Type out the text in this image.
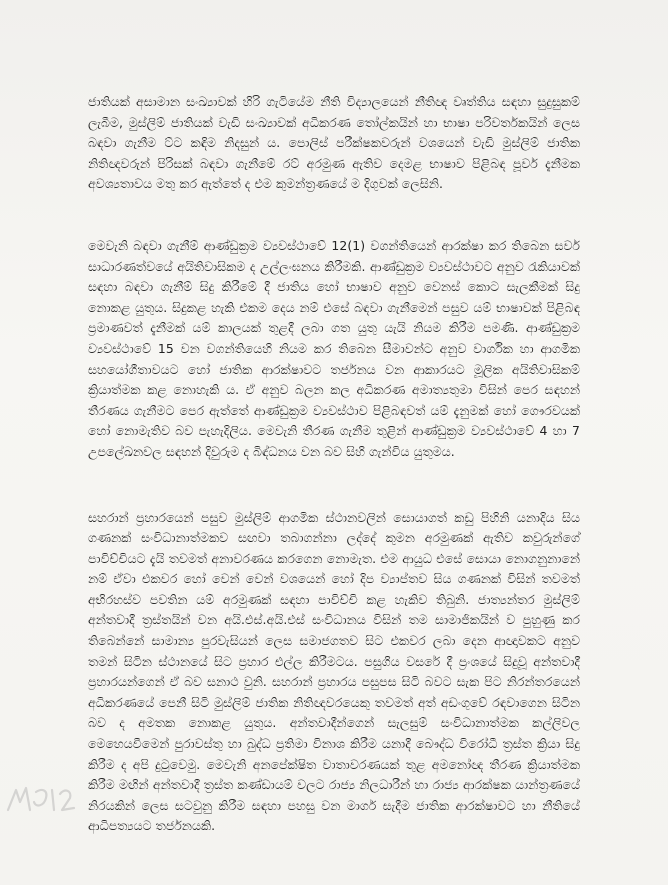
ජාතියක් අසාමාන සංඛ්‍යාවක් හිරි ගැටියේම නීති විද්‍යාලයෙන් නීතිඥ වෘත්තිය සඳහා සුදුසුකම් ලැබීම, මුස්ලිම් ජාතියක් වැඩි සංඛ්‍යාවක් අධිකරණ තෝල්කයින් හා භාෂා පරිවර්තකයින් ලෙස බඳවා ගැනීම ට්ට කඳිම නිදසුන් ය. පොලිස් පරීක්ෂකවරුන් වශයෙන් වැඩි මුස්ලිම් ජාතික නිතිඥවරුන් පිරිසක් බඳවා ගැනීමේ රට් අරමුණ ඇතිව දෙමළ භාෂාව පිළිබඳ පූර්ව දැනීමක අවශ්‍යතාවය මතු කර ඇත්තේ ද එම කුමන්ත්‍රණයේ ම දිගුවක් ලෙසිනි.

මෙවැනි බඳවා ගැනීම් ආණ්ඩුක්‍රම ව්‍යවස්ථාවේ 12(1) වගන්තියෙන් ආරක්ෂා කර තිබෙන සර්ව සාධාරණත්වයේ අයිතිවාසිකම ද උල්ලංඝනය කිරීමකි. ආණ්ඩුක්‍රම ව්‍යවස්ථාවට අනුව රැකියාවක් සඳහා බඳවා ගැනීම් සිදු කිරීමේ දී ජාතිය හෝ භාෂාව අනුව වෙනස් කොට සැලකීමක් සිදු නොකළ යුතුය. සිදුකළ හැකි එකම දෙය නම් එසේ බඳවා ගැනීමෙන් පසුව යම් භාෂාවක් පිළිබඳ ප්‍රමාණවත් දැනීමක් යම් කාලයක් තුළදී ලබා ගත යුතු යැයි නියම කිරීම පමණි. ආණ්ඩුක්‍රම ව්‍යවස්ථාවේ 15 වන වගන්තියෙහි නියම කර තිබෙන සීමාවන්ට අනුව වාර්ගික හා ආගමික සහයෝගීතාවයට හෝ ජාතික ආරක්ෂාවට තර්ජනය වන ආකාරයට මූලික අයිතිවාසිකම් ක්‍රියාත්මක කළ නොහැකි ය. ඒ අනුව බලන කල අධිකරණ අමාත්‍යතුමා විසින් පෙර සඳහන් තීරණය ගැනීමට පෙර ඇත්තේ ආණ්ඩුක්‍රම ව්‍යවස්ථාව පිළිබඳවත් යම් දැනුමක් හෝ ගෞරවයක් හෝ නොමැතිව බව පැහැදිලිය. මෙවැනි තීරණ ගැනීම තුළින් ආණ්ඩුක්‍රම ව්‍යවස්ථාවේ 4 හා 7 උපලේඛනවල සඳහන් දිවුරුම ද බිඳ්ධනය වන බව සිහි ගැන්විය යුතුමය.

සහරාන් ප්‍රහාරයෙන් පසුව මුස්ලිම් ආගමික ස්ථානවලින් සොයාගත් කඩු පිහිනි යනාදිය සිය ගණනක් සංවිධානාත්මකව සඟවා තබාගන්නා ලද්දේ කුමන අරමුණක් ඇතිව කවුරුන්ගේ පාවිච්චියට දැයි තවමත් අනාවරණය කරගෙන නොමැත. එම ආයුධ එසේ සොයා නොගනුනානේ නම් ඒවා එකවර හෝ වෙන් වෙන් වශයෙන් හෝ දිප ව්‍යාප්තව සිය ගණනක් විසින් තවමත් අභිරහස්ව පවතින යම් අරමුණක් සඳහා පාවිච්චි කළ හැකිව තිබුනි. ජාත්‍යන්තර මුස්ලිම් අන්තවාදී ත්‍රස්තයින් වන අයි.එස්.අයි.එස් සංවිධානය විසින් තම සාමාජිකයින් ව පුහුණු කර තිබෙන්නේ සාමාන්‍ය පුරවැසියන් ලෙස සමාජගතව සිට එකවර ලබා දෙන ආඥාවකට අනුව තමන් සිටින ස්ථානයේ සිට ප්‍රහාර එල්ල කිරීමටය. පසුගිය වසරේ දී ප්‍රංශයේ සිදුවූ අන්තවාදී ප්‍රහාරයන්ගෙන් ඒ බව සනාථ වුනි. සහරාන් ප්‍රහාරය පසුපස සිටි බවට සැක පිට නිරන්තරයෙන් අධිකරණයේ පෙනී සිටි මුස්ලිම් ජාතික නිතිඥවරයෙකු තවමත් අත් අඩංගුවේ රඳවාගෙන සිටින බව ද අමතක නොකළ යුතුය. අන්තවාදීන්ගෙන් සැලසුම් සංවිධානාත්මක කල්ලිවල මෙහෙයවීමෙන් පුරාවස්තු හා බුද්ධ ප්‍රතිමා විනාශ කිරීම යනාදී බෞද්ධ විරෝධී ත්‍රස්ත ක්‍රියා සිදු කිරීම ද අපි දුටුවෙමු. මෙවැනි අනපේක්ෂිත වාතාවරණයක් තුළ අමනෝඥ තීරණ ක්‍රියාත්මක කිරීම මඟින් අන්තවාදී ත්‍රස්ත කණ්ඩායම් වලට රාජ්‍ය නිලධාරීන් හා රාජ්‍ය ආරක්ෂක යාන්ත්‍රණයේ නිරයකින් ලෙස සටවුනු කිරීම සඳහා පහසු වන මාර්ග සැදීම ජාතික ආරක්ෂාවට හා නීතියේ ආධිපත්‍යයට තර්ජනයකි.
